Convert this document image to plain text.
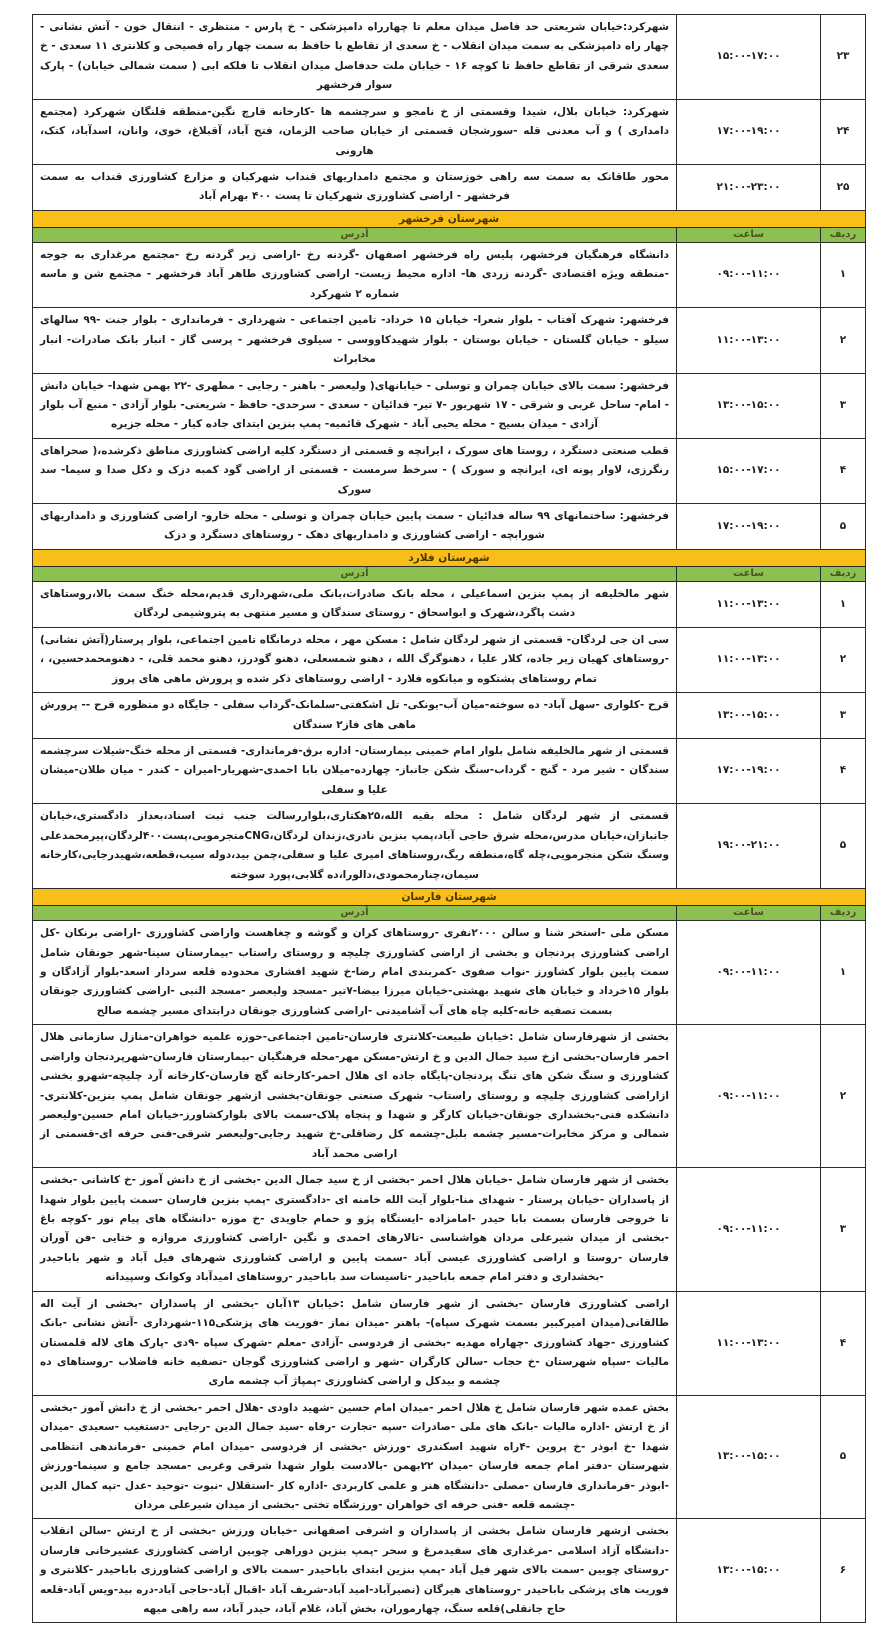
۲۳	۱۵:۰۰-۱۷:۰۰	شهرکرد:خیابان شریعتی حد فاصل میدان معلم تا چهارراه دامپزشکی - خ پارس - منتظری - انتقال خون - آتش نشانی - چهار راه دامپزشکی به سمت میدان انقلاب - خ سعدی از تقاطع با حافظ به سمت چهار راه فصیحی و کلانتری ۱۱ سعدی - خ سعدی شرقی از تقاطع حافظ تا کوچه ۱۶ - خیابان ملت حدفاصل میدان انقلاب تا فلکه ابی ( سمت شمالی خیابان) - پارک سوار فرخشهر
۲۴	۱۷:۰۰-۱۹:۰۰	شهرکرد: خیابان بلال، شیدا وقسمتی از خ نامجو و سرچشمه ها -کارخانه قارچ نگین-منطقه قلنگان شهرکرد (مجتمع دامداری ) و آب معدنی قله -سورشجان قسمتی از خیابان صاحب الزمان، فتح آباد، آقبلاغ، خوی، وانان، اسدآباد، کتک، هارونی
۲۵	۲۱:۰۰-۲۳:۰۰	محور طاقانک به سمت سه راهی خوزستان و مجتمع دامداریهای قنداب شهرکیان و مزارع کشاورزی قنداب به سمت فرخشهر - اراضی کشاورزی شهرکیان تا پست ۴۰۰ بهرام آباد
شهرستان فرخشهر		
ردیف	ساعت	آدرس
۱	۰۹:۰۰-۱۱:۰۰	دانشگاه فرهنگیان فرخشهر، پلیس راه فرخشهر اصفهان -گردنه رخ -اراضی زیر گردنه رخ -مجتمع مرغداری به جوجه -منطقه ویژه اقتصادی -گردنه زردی ها- اداره محیط زیست- اراضی کشاورزی طاهر آباد فرخشهر - مجتمع شن و ماسه شماره ۲ شهرکرد
۲	۱۱:۰۰-۱۳:۰۰	فرخشهر: شهرک آفتاب - بلوار شعرا- خیابان ۱۵ خرداد- تامین اجتماعی - شهرداری - فرمانداری - بلوار جنت -۹۹ سالهای سیلو - خیابان گلستان - خیابان بوستان - بلوار شهیدکاووسی - سیلوی فرخشهر - پرسی گاز - انبار بانک صادرات- انبار مخابرات
۳	۱۳:۰۰-۱۵:۰۰	فرخشهر: سمت بالای خیابان چمران و توسلی - خیابانهای( ولیعصر - باهنر - رجایی - مطهری -۲۲ بهمن شهدا- خیابان دانش - امام- ساحل غربی و شرقی - ۱۷ شهریور -۷ تیر- فدائیان - سعدی - سرحدی- حافظ - شریعتی- بلوار آزادی - منبع آب بلوار آزادی - میدان بسیج - محله یحیی آباد - شهرک قائمیه- پمپ بنزین ابتدای جاده کیار - محله جزیره
۴	۱۵:۰۰-۱۷:۰۰	قطب صنعتی دستگرد ، روستا های سورک ، ایرانچه و قسمتی از دستگرد کلیه اراضی کشاورزی مناطق ذکرشده،( صحراهای رنگرزی، لاوار پونه ای، ایرانچه و سورک ) - سرخط سرمست - قسمتی از اراضی گود کمبه دزک و دکل صدا و سیما- سد سورک
۵	۱۷:۰۰-۱۹:۰۰	فرخشهر: ساختمانهای ۹۹ ساله فدائیان - سمت پایین خیابان چمران و توسلی - محله خارو- اراضی کشاورزی و دامداریهای شورابچه - اراضی کشاورزی و دامداریهای دهک - روستاهای دستگرد و دزک
شهرستان فلارد		
ردیف	ساعت	آدرس
۱	۱۱:۰۰-۱۳:۰۰	شهر مالخلیفه از پمپ بنزین اسماعیلی ، محله بانک صادرات،بانک ملی،شهرداری قدیم،محله خنگ سمت بالا،روستاهای دشت پاگرد،شهرک و ابواسحاق - روستای سندگان و مسیر منتهی به پتروشیمی لردگان
۲	۱۱:۰۰-۱۳:۰۰	سی ان جی لردگان- قسمتی از شهر لردگان شامل : مسکن مهر ، محله درمانگاه تامین اجتماعی، بلوار پرستار(آتش نشانی) -روستاهای کهیان زیر جاده، کلار علیا ، دهنوگرگ الله ، دهنو شمسعلی، دهنو گودرز، دهنو محمد قلی، - دهنومحمدحسین، ، تمام روستاهای پشتکوه و میانکوه فلارد - اراضی روستاهای ذکر شده و پرورش ماهی های پروز
۳	۱۳:۰۰-۱۵:۰۰	قرح -کلواری -سهل آباد- ده سوخته-میان آب-یونکی- تل اشکفتی-سلمانک-گرداب سفلی - جایگاه دو منظوره قرح -- پرورش ماهی های فاز۲ سندگان
۴	۱۷:۰۰-۱۹:۰۰	قسمتی از شهر مالخلیفه شامل بلوار امام خمینی بیمارستان- اداره برق-فرمانداری- قسمتی از محله خنگ-شیلات سرچشمه سندگان - شیر مرد - گنج - گرداب-سنگ شکن جانباز- چهارده-میلان بابا احمدی-شهریار-امیران - کندر - میان طلان-میشان علیا و سفلی
۵	۱۹:۰۰-۲۱:۰۰	قسمتی از شهر لردگان شامل : محله بقیه الله،۲۵هکتاری،بلواررسالت جنب ثبت اسناد،بعداز دادگستری،خیابان جانبازان،خیابان مدرس،محله شرق حاجی آباد،پمپ بنزین نادری،زندان لردگان،CNGمنجرمویی،پست۴۰۰لردگان،پیرمحمدعلی وسنگ شکن منجرمویی،چله گاه،منطقه ریگ،روستاهای امیری علیا و سفلی،چمن بید،دوله سیب،قطعه،شهیدرجایی،کارخانه سیمان،چنارمحمودی،دالورا،ده گلابی،پورد سوخته
شهرستان فارسان		
ردیف	ساعت	آدرس
۱	۰۹:۰۰-۱۱:۰۰	مسکن ملی -استخر شنا و سالن ۲۰۰۰نفری -روستاهای کران و گوشه و چغاهست واراضی کشاورزی -اراضی برنکان -کل اراضی کشاورزی پردنجان و بخشی از اراضی کشاورزی چلیچه و روستای راستاب -بیمارستان سینا-شهر جونقان شامل سمت پایین بلوار کشاورز -نواب صفوی -کمربندی امام رضا-خ شهید افشاری محدوده قلعه سردار اسعد-بلوار آزادگان و بلوار ۱۵خرداد و خیابان های شهید بهشتی-خیابان میرزا بیضا-۷تیر -مسجد ولیعصر -مسجد النبی -اراضی کشاورزی جونقان بسمت تصفیه خانه-کلیه چاه های آب آشامیدنی -اراضی کشاورزی جونقان درابتدای مسیر چشمه صالح
۲	۰۹:۰۰-۱۱:۰۰	بخشی از شهرفارسان شامل :خیابان طبیعت-کلانتری فارسان-تامین اجتماعی-حوزه علمیه خواهران-منازل سازمانی هلال احمر فارسان-بخشی ازخ سید جمال الدین و خ ارتش-مسکن مهر-محله فرهنگیان -بیمارستان فارسان-شهرپردنجان واراضی کشاورزی و سنگ شکن های تنگ پردنجان-پایگاه جاده ای هلال احمر-کارخانه گچ فارسان-کارخانه آرد چلیچه-شهرو بخشی ازاراضی کشاورزی چلیچه و روستای راستاب- شهرک صنعتی جونقان-بخشی ازشهر جونقان شامل پمپ بنزین-کلانتری-دانشکده فنی-بخشداری جونقان-خیابان کارگر و شهدا و پنجاه پلاک-سمت بالای بلوارکشاورز-خیابان امام حسین-ولیعصر شمالی و مرکز مخابرات-مسیر چشمه بلبل-چشمه کل رضاقلی-خ شهید رجایی-ولیعصر شرقی-فنی حرفه ای-قسمتی از اراضی محمد آباد
۳	۰۹:۰۰-۱۱:۰۰	بخشی از شهر فارسان شامل -خیابان هلال احمر -بخشی از خ سید جمال الدین -بخشی از خ دانش آموز -خ کاشانی -بخشی از پاسداران -خیابان پرستار - شهدای منا-بلوار آیت الله خامنه ای -دادگستری -پمپ بنزین فارسان -سمت پایین بلوار شهدا تا خروجی فارسان بسمت بابا حیدر -امامزاده -ایستگاه پژو و حمام جاویدی -خ موزه -دانشگاه های پیام نور -کوچه باغ -بخشی از میدان شیرعلی مردان هواشناسی -تالارهای احمدی و نگین -اراضی کشاورزی مروازه و ختایی -فن آوران فارسان -روستا و اراضی کشاورزی عیسی آباد -سمت پایین و اراضی کشاورزی شهرهای فیل آباد و شهر باباحیدر -بخشداری و دفتر امام جمعه باباحیدر -تاسیسات سد باباحیدر -روستاهای امیدآباد وکوانک وسپیدانه
۴	۱۱:۰۰-۱۳:۰۰	اراضی کشاورزی فارسان -بخشی از شهر فارسان شامل :خیابان ۱۳آبان -بخشی از پاسداران -بخشی از آیت اله طالقانی(میدان امیرکبیر بسمت شهرک سپاه)- باهنر -میدان نماز -فوریت های پزشکی۱۱۵-شهرداری -آتش نشانی -بانک کشاورزی -جهاد کشاورزی -چهاراه مهدیه -بخشی از فردوسی -آزادی -معلم -شهرک سپاه -۹دی -پارک های لاله قلمستان مالیات -سپاه شهرستان -خ حجاب -سالن کارگران -شهر و اراضی کشاورزی گوجان -تصفیه خانه فاضلاب -روستاهای ده چشمه و بیدکل و اراضی کشاورزی -پمپاژ آب چشمه ماری
۵	۱۳:۰۰-۱۵:۰۰	بخش عمده شهر فارسان شامل خ هلال احمر -میدان امام حسین -شهید داودی -هلال احمر -بخشی از خ دانش آموز -بخشی از خ ارتش -اداره مالیات -بانک های ملی -صادرات -سپه -تجارت -رفاه -سید جمال الدین -رجایی -دستغیب -سعیدی -میدان شهدا -خ ابوذر -خ پروین -۴راه شهید اسکندری -ورزش -بخشی از فردوسی -میدان امام خمینی -فرماندهی انتظامی شهرستان -دفتر امام جمعه فارسان -میدان ۲۲بهمن -بالادست بلوار شهدا شرقی وغربی -مسجد جامع و سینما-ورزش -ابوذر -فرمانداری فارسان -مصلی -دانشگاه هنر و علمی کاربردی -اداره کار -استقلال -نبوت -توحید -عدل -تپه کمال الدین -چشمه قلعه -فنی حرفه ای خواهران -ورزشگاه تختی -بخشی از میدان شیرعلی مردان
۶	۱۳:۰۰-۱۵:۰۰	بخشی ازشهر فارسان شامل بخشی از پاسداران و اشرفی اصفهانی -خیابان ورزش -بخشی از خ ارتش -سالن انقلاب -دانشگاه آزاد اسلامی -مرغداری های سفیدمرغ و سحر -پمپ بنزین دوراهی چوبین اراضی کشاورزی عشیرخانی فارسان -روستای چوبین -سمت بالای شهر فیل آباد -پمپ بنزین ابتدای باباحیدر -سمت بالای و اراضی کشاورزی باباحیدر -کلانتری و فوریت های پزشکی باباحیدر -روستاهای هیرگان (نصیرآباد-امید آباد-شریف آباد -اقبال آباد-حاجی آباد-دره بید-ویس آباد-قلعه حاج جانقلی)قلعه سنگ، چهارموران، بخش آباد، غلام آباد، حیدر آباد، سه راهی میهه
